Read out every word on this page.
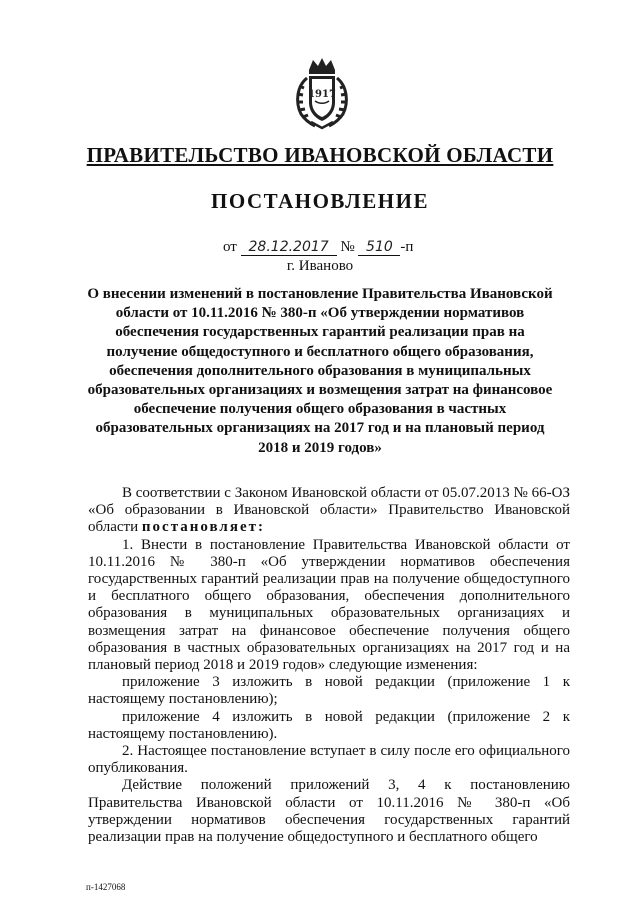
1917
ПРАВИТЕЛЬСТВО ИВАНОВСКОЙ ОБЛАСТИ
ПОСТАНОВЛЕНИЕ
от 28.12.2017 № 510 -п
г. Иваново
О внесении изменений в постановление Правительства Ивановской области от 10.11.2016 № 380-п «Об утверждении нормативов обеспечения государственных гарантий реализации прав на получение общедоступного и бесплатного общего образования, обеспечения дополнительного образования в муниципальных образовательных организациях и возмещения затрат на финансовое обеспечение получения общего образования в частных образовательных организациях на 2017 год и на плановый период 2018 и 2019 годов»

В соответствии с Законом Ивановской области от 05.07.2013 № 66-ОЗ «Об образовании в Ивановской области» Правительство Ивановской области постановляет:

1. Внести в постановление Правительства Ивановской области от 10.11.2016 № 380-п «Об утверждении нормативов обеспечения государственных гарантий реализации прав на получение общедоступного и бесплатного общего образования, обеспечения дополнительного образования в муниципальных образовательных организациях и возмещения затрат на финансовое обеспечение получения общего образования в частных образовательных организациях на 2017 год и на плановый период 2018 и 2019 годов» следующие изменения:

приложение 3 изложить в новой редакции (приложение 1 к настоящему постановлению);

приложение 4 изложить в новой редакции (приложение 2 к настоящему постановлению).

2. Настоящее постановление вступает в силу после его официального опубликования.

Действие положений приложений 3, 4 к постановлению Правительства Ивановской области от 10.11.2016 № 380-п «Об утверждении нормативов обеспечения государственных гарантий реализации прав на получение общедоступного и бесплатного общего

п-1427068
